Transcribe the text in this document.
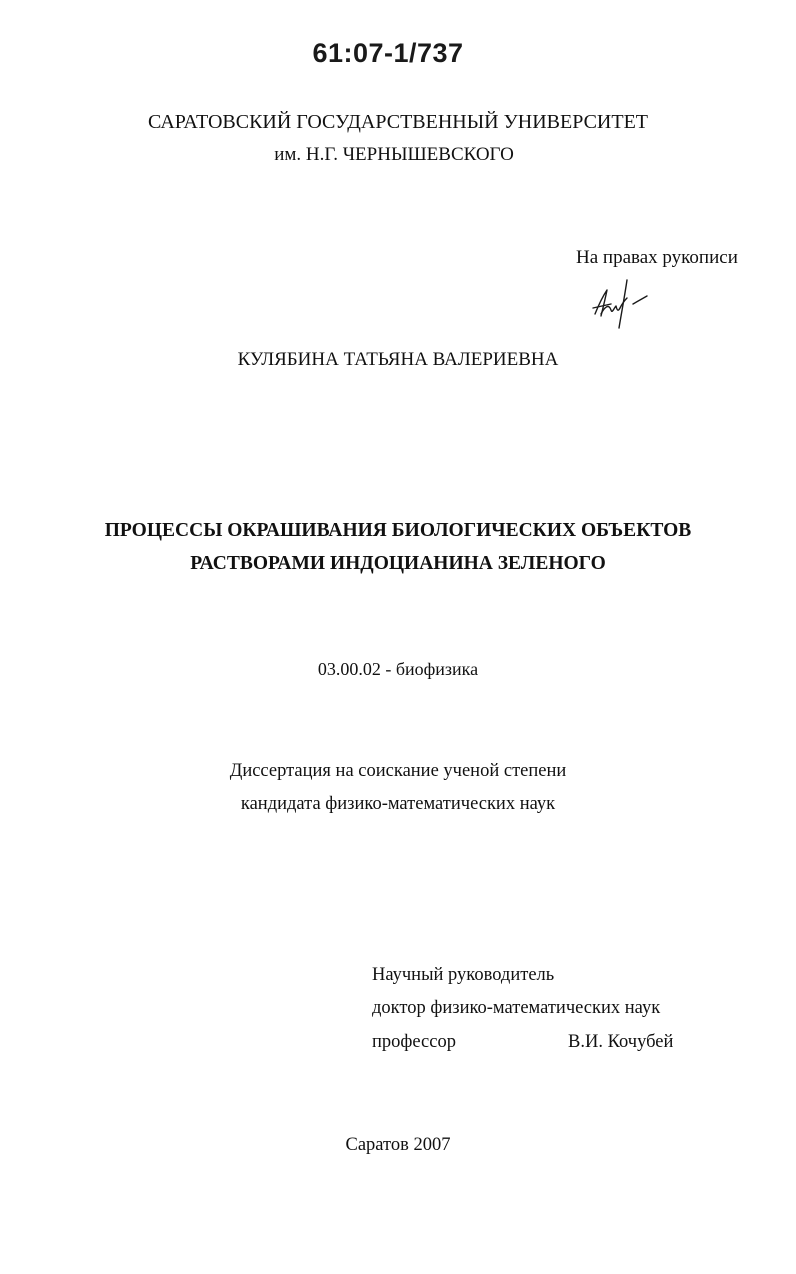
61:07-1/737
САРАТОВСКИЙ ГОСУДАРСТВЕННЫЙ УНИВЕРСИТЕТ
им. Н.Г. ЧЕРНЫШЕВСКОГО
На правах рукописи
КУЛЯБИНА ТАТЬЯНА ВАЛЕРИЕВНА
ПРОЦЕССЫ ОКРАШИВАНИЯ БИОЛОГИЧЕСКИХ ОБЪЕКТОВ
РАСТВОРАМИ ИНДОЦИАНИНА ЗЕЛЕНОГО
03.00.02 - биофизика
Диссертация на соискание ученой степени
кандидата физико-математических наук
Научный руководитель
доктор физико-математических наук
профессор	В.И. Кочубей
Саратов 2007
